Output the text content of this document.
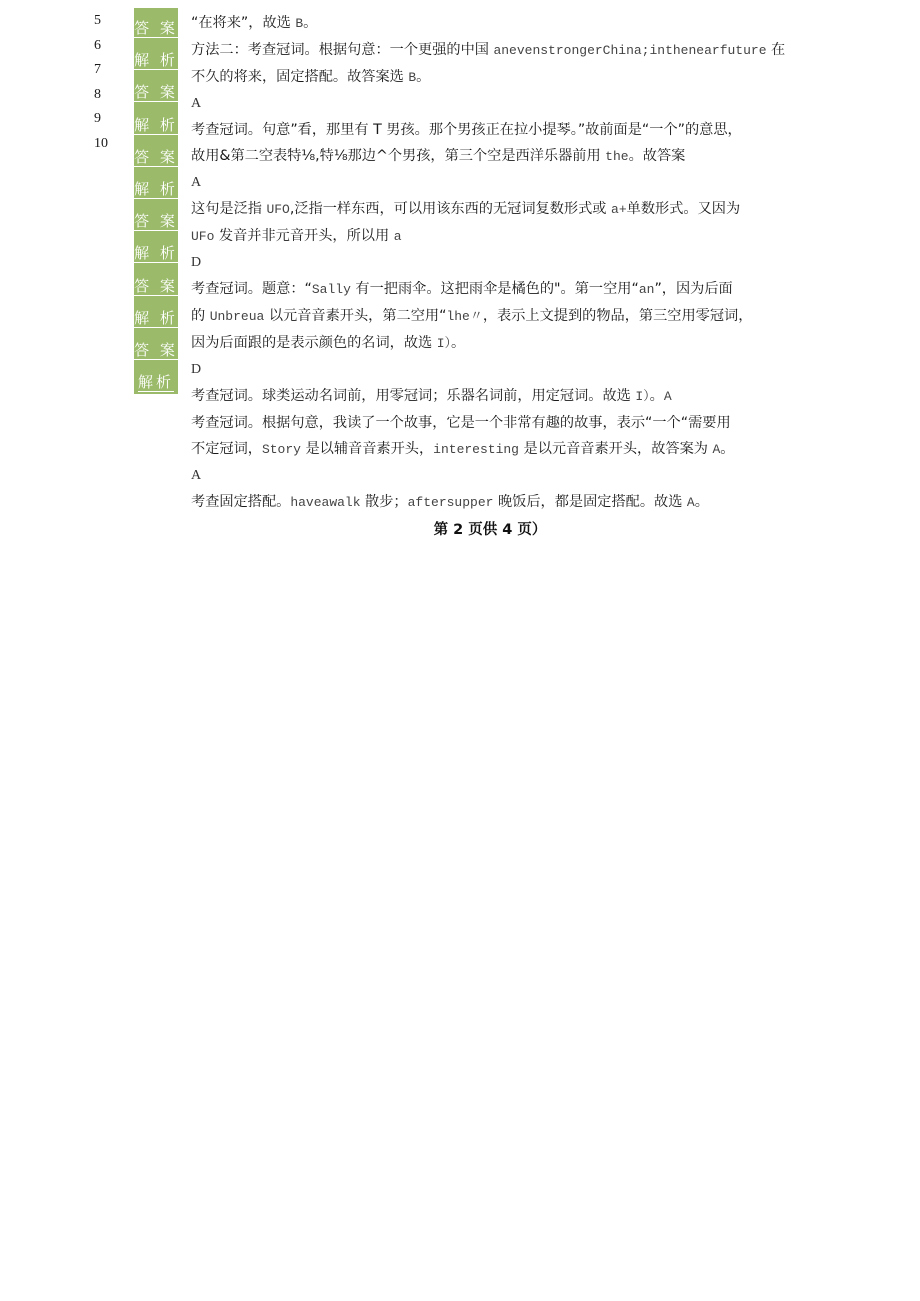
5
6
7
8
9
10
答 案
解 析
答 案
解 析
答 案
解 析
答 案
解 析
答 案
解 析
答 案
解析
“在将来”，故选 B。
方法二：考查冠词。根据句意：一个更强的中国 anevenstrongerChina;inthenearfuture 在
不久的将来，固定搭配。故答案选 B。
A
考查冠词。句意”看，那里有 T 男孩。那个男孩正在拉小提琴。”故前面是“一个”的意思，
故用&第二空表特⅛,特⅛那边^个男孩，第三个空是西洋乐器前用 the。故答案
A
这句是泛指 UFO,泛指一样东西，可以用该东西的无冠词复数形式或 a+单数形式。又因为
UFo 发音并非元音开头，所以用 a
D
考查冠词。题意：“Sally 有一把雨伞。这把雨伞是橘色的"。第一空用“an”，因为后面
的 Unbreua 以元音音素开头，第二空用“lhe〃，表示上文提到的物品，第三空用零冠词，
因为后面跟的是表示颜色的名词，故选 I）。
D
考查冠词。球类运动名词前，用零冠词；乐器名词前，用定冠词。故选 I）。A
考查冠词。根据句意，我读了一个故事，它是一个非常有趣的故事，表示“一个“需要用
不定冠词，Story 是以辅音音素开头，interesting 是以元音音素开头，故答案为 A。
A
考查固定搭配。haveawalk 散步；aftersupper 晚饭后，都是固定搭配。故选 A。
第 2 页供 4 页）
